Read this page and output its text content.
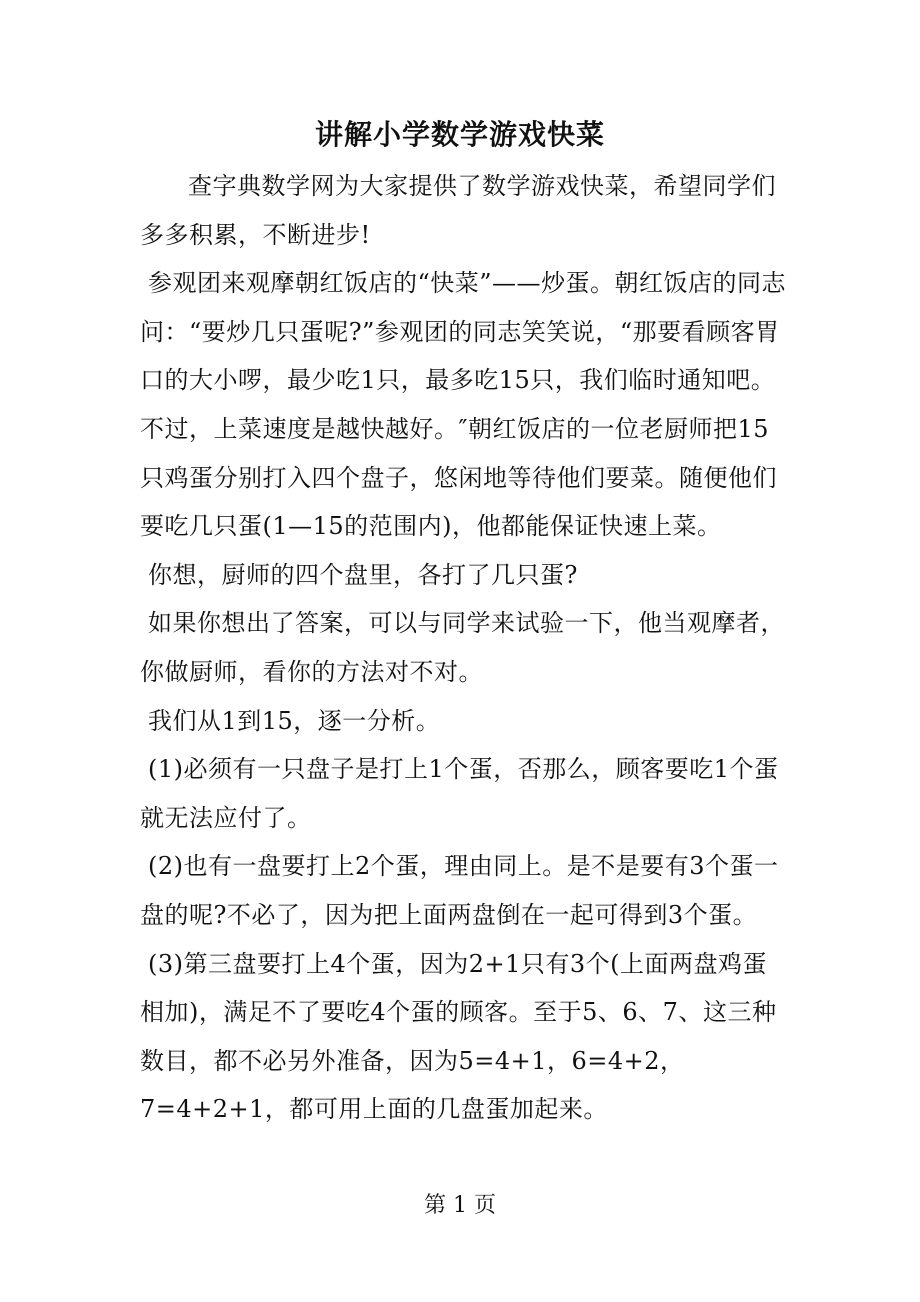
讲解小学数学游戏快菜

查字典数学网为大家提供了数学游戏快菜，希望同学们多多积累，不断进步!

参观团来观摩朝红饭店的“快菜”——炒蛋。朝红饭店的同志问：“要炒几只蛋呢?”参观团的同志笑笑说，“那要看顾客胃口的大小啰，最少吃1只，最多吃15只，我们临时通知吧。不过，上菜速度是越快越好。″朝红饭店的一位老厨师把15只鸡蛋分别打入四个盘子，悠闲地等待他们要菜。随便他们要吃几只蛋(1—15的范围内)，他都能保证快速上菜。

你想，厨师的四个盘里，各打了几只蛋?

如果你想出了答案，可以与同学来试验一下，他当观摩者，你做厨师，看你的方法对不对。

我们从1到15，逐一分析。

(1)必须有一只盘子是打上1个蛋，否那么，顾客要吃1个蛋就无法应付了。

(2)也有一盘要打上2个蛋，理由同上。是不是要有3个蛋一盘的呢?不必了，因为把上面两盘倒在一起可得到3个蛋。

(3)第三盘要打上4个蛋，因为2+1只有3个(上面两盘鸡蛋相加)，满足不了要吃4个蛋的顾客。至于5、6、7、这三种数目，都不必另外准备，因为5=4+1，6=4+2，7=4+2+1，都可用上面的几盘蛋加起来。

第 1 页
